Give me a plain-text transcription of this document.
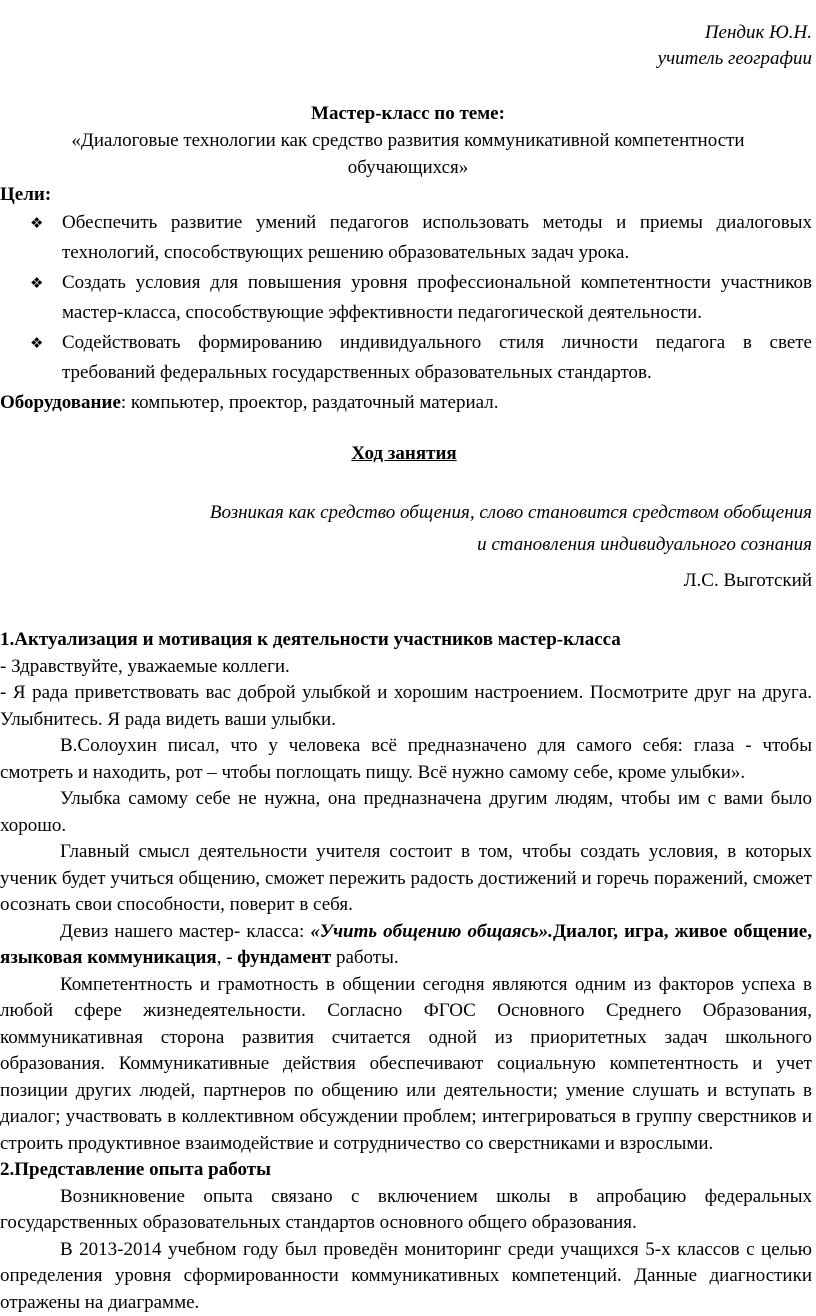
Пендик Ю.Н.

учитель географии

Мастер-класс по теме:

«Диалоговые технологии как средство развития коммуникативной компетентности обучающихся»

Цели:

❖ Обеспечить развитие умений педагогов использовать методы и приемы диалоговых технологий, способствующих решению образовательных задач урока.
❖ Создать условия для повышения уровня профессиональной компетентности участников мастер-класса, способствующие эффективности педагогической деятельности.
❖ Содействовать формированию индивидуального стиля личности педагога в свете требований федеральных государственных образовательных стандартов.

Оборудование: компьютер, проектор, раздаточный материал.

Ход занятия

Возникая как средство общения, слово становится средством обобщения

и становления индивидуального сознания

Л.С. Выготский

1.Актуализация и мотивация к деятельности участников мастер-класса

- Здравствуйте, уважаемые коллеги.

- Я рада приветствовать вас доброй улыбкой и хорошим настроением. Посмотрите друг на друга. Улыбнитесь. Я рада видеть ваши улыбки.

В.Солоухин писал, что у человека всё предназначено для самого себя: глаза - чтобы смотреть и находить, рот – чтобы поглощать пищу. Всё нужно самому себе, кроме улыбки».

Улыбка самому себе не нужна, она предназначена другим людям, чтобы им с вами было хорошо.

Главный смысл деятельности учителя состоит в том, чтобы создать условия, в которых ученик будет учиться общению, сможет пережить радость достижений и горечь поражений, сможет осознать свои способности, поверит в себя.

Девиз нашего мастер- класса: «Учить общению общаясь».Диалог, игра, живое общение, языковая коммуникация, - фундамент работы.

Компетентность и грамотность в общении сегодня являются одним из факторов успеха в любой сфере жизнедеятельности. Согласно ФГОС Основного Среднего Образования, коммуникативная сторона развития считается одной из приоритетных задач школьного образования. Коммуникативные действия обеспечивают социальную компетентность и учет позиции других людей, партнеров по общению или деятельности; умение слушать и вступать в диалог; участвовать в коллективном обсуждении проблем; интегрироваться в группу сверстников и строить продуктивное взаимодействие и сотрудничество со сверстниками и взрослыми.

2.Представление опыта работы

Возникновение опыта связано с включением школы в апробацию федеральных государственных образовательных стандартов основного общего образования.

В 2013-2014 учебном году был проведён мониторинг среди учащихся 5-х классов с целью определения уровня сформированности коммуникативных компетенций. Данные диагностики отражены на диаграмме.
